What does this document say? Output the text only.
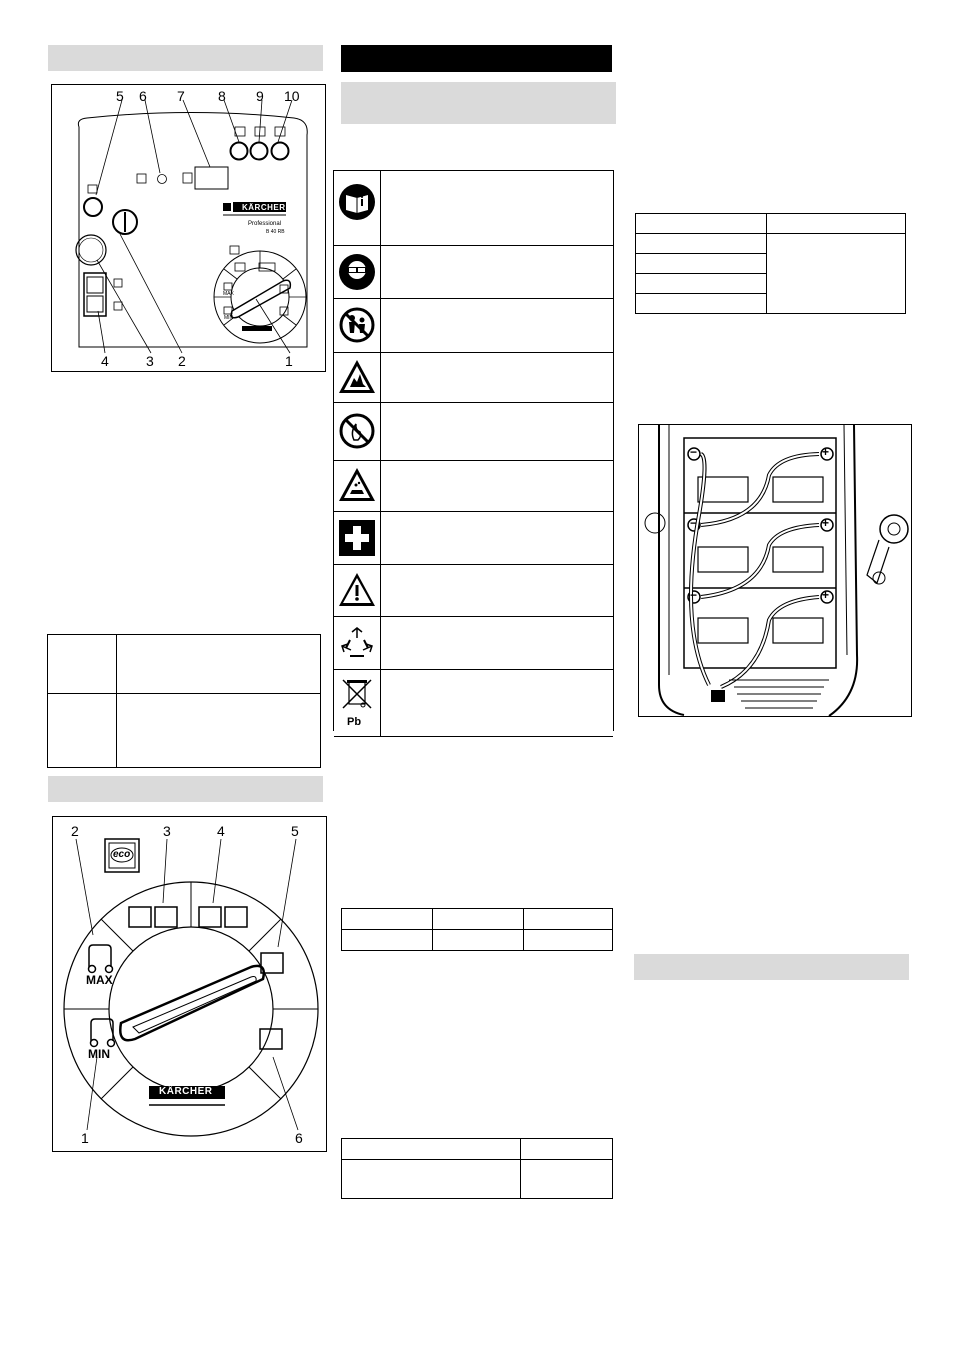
5 6 7 8 9 10
4	3 2	1
KÄRCHER
Professional
B 40 RB
MAX
MIN

2	3	4	5
1	6
eco
MAX
MIN
KÄRCHER
Pb

−	+
−	+
−	+
